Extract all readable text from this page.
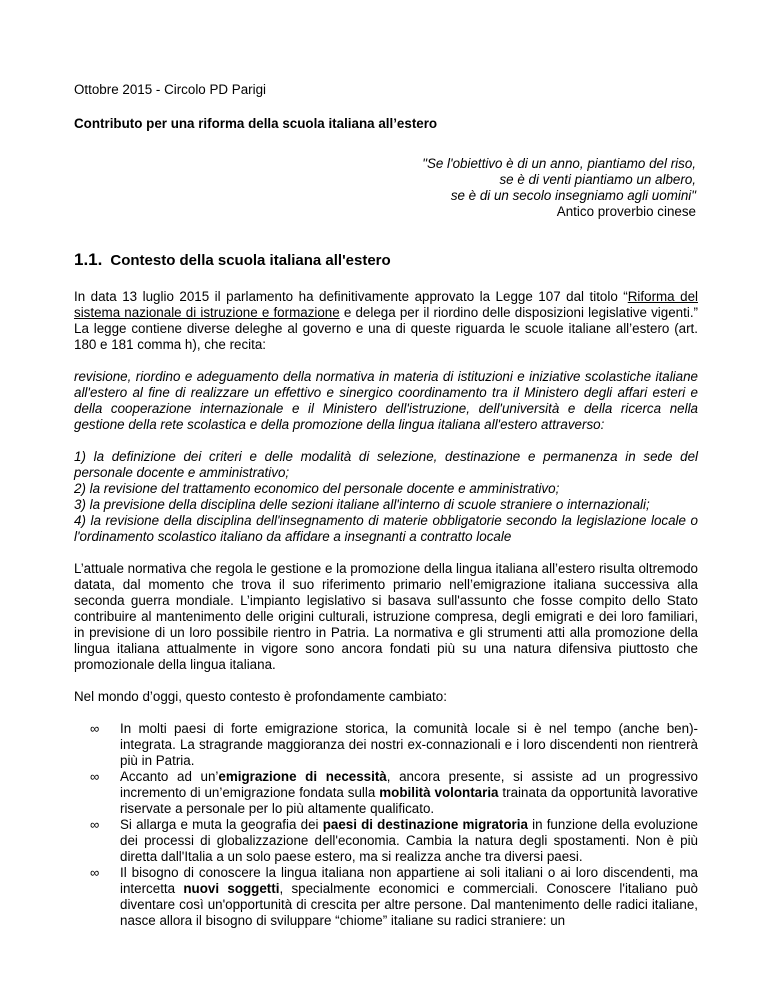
Ottobre 2015 - Circolo PD Parigi
Contributo per una riforma della scuola italiana all’estero
"Se l'obiettivo è di un anno, piantiamo del riso,
se è di venti piantiamo un albero,
se è di un secolo insegniamo agli uomini"
Antico proverbio cinese
1.1. Contesto della scuola italiana all'estero

In data 13 luglio 2015 il parlamento ha definitivamente approvato la Legge 107 dal titolo “Riforma del sistema nazionale di istruzione e formazione e delega per il riordino delle disposizioni legislative vigenti.” La legge contiene diverse deleghe al governo e una di queste riguarda le scuole italiane all’estero (art. 180 e 181 comma h), che recita:

revisione, riordino e adeguamento della normativa in materia di istituzioni e iniziative scolastiche italiane all'estero al fine di realizzare un effettivo e sinergico coordinamento tra il Ministero degli affari esteri e della cooperazione internazionale e il Ministero dell'istruzione, dell'università e della ricerca nella gestione della rete scolastica e della promozione della lingua italiana all'estero attraverso:

1) la definizione dei criteri e delle modalità di selezione, destinazione e permanenza in sede del personale docente e amministrativo;
2) la revisione del trattamento economico del personale docente e amministrativo;
3) la previsione della disciplina delle sezioni italiane all'interno di scuole straniere o internazionali;
4) la revisione della disciplina dell'insegnamento di materie obbligatorie secondo la legislazione locale o l'ordinamento scolastico italiano da affidare a insegnanti a contratto locale

L’attuale normativa che regola le gestione e la promozione della lingua italiana all’estero risulta oltremodo datata, dal momento che trova il suo riferimento primario nell’emigrazione italiana successiva alla seconda guerra mondiale. L’impianto legislativo si basava sull'assunto che fosse compito dello Stato contribuire al mantenimento delle origini culturali, istruzione compresa, degli emigrati e dei loro familiari, in previsione di un loro possibile rientro in Patria. La normativa e gli strumenti atti alla promozione della lingua italiana attualmente in vigore sono ancora fondati più su una natura difensiva piuttosto che promozionale della lingua italiana.

Nel mondo d’oggi, questo contesto è profondamente cambiato:

∞ In molti paesi di forte emigrazione storica, la comunità locale si è nel tempo (anche ben)-integrata. La stragrande maggioranza dei nostri ex-connazionali e i loro discendenti non rientrerà più in Patria.
∞ Accanto ad un’emigrazione di necessità, ancora presente, si assiste ad un progressivo incremento di un’emigrazione fondata sulla mobilità volontaria trainata da opportunità lavorative riservate a personale per lo più altamente qualificato.
∞ Si allarga e muta la geografia dei paesi di destinazione migratoria in funzione della evoluzione dei processi di globalizzazione dell'economia. Cambia la natura degli spostamenti. Non è più diretta dall'Italia a un solo paese estero, ma si realizza anche tra diversi paesi.
∞ Il bisogno di conoscere la lingua italiana non appartiene ai soli italiani o ai loro discendenti, ma intercetta nuovi soggetti, specialmente economici e commerciali. Conoscere l'italiano può diventare così un'opportunità di crescita per altre persone. Dal mantenimento delle radici italiane, nasce allora il bisogno di sviluppare “chiome” italiane su radici straniere: un
